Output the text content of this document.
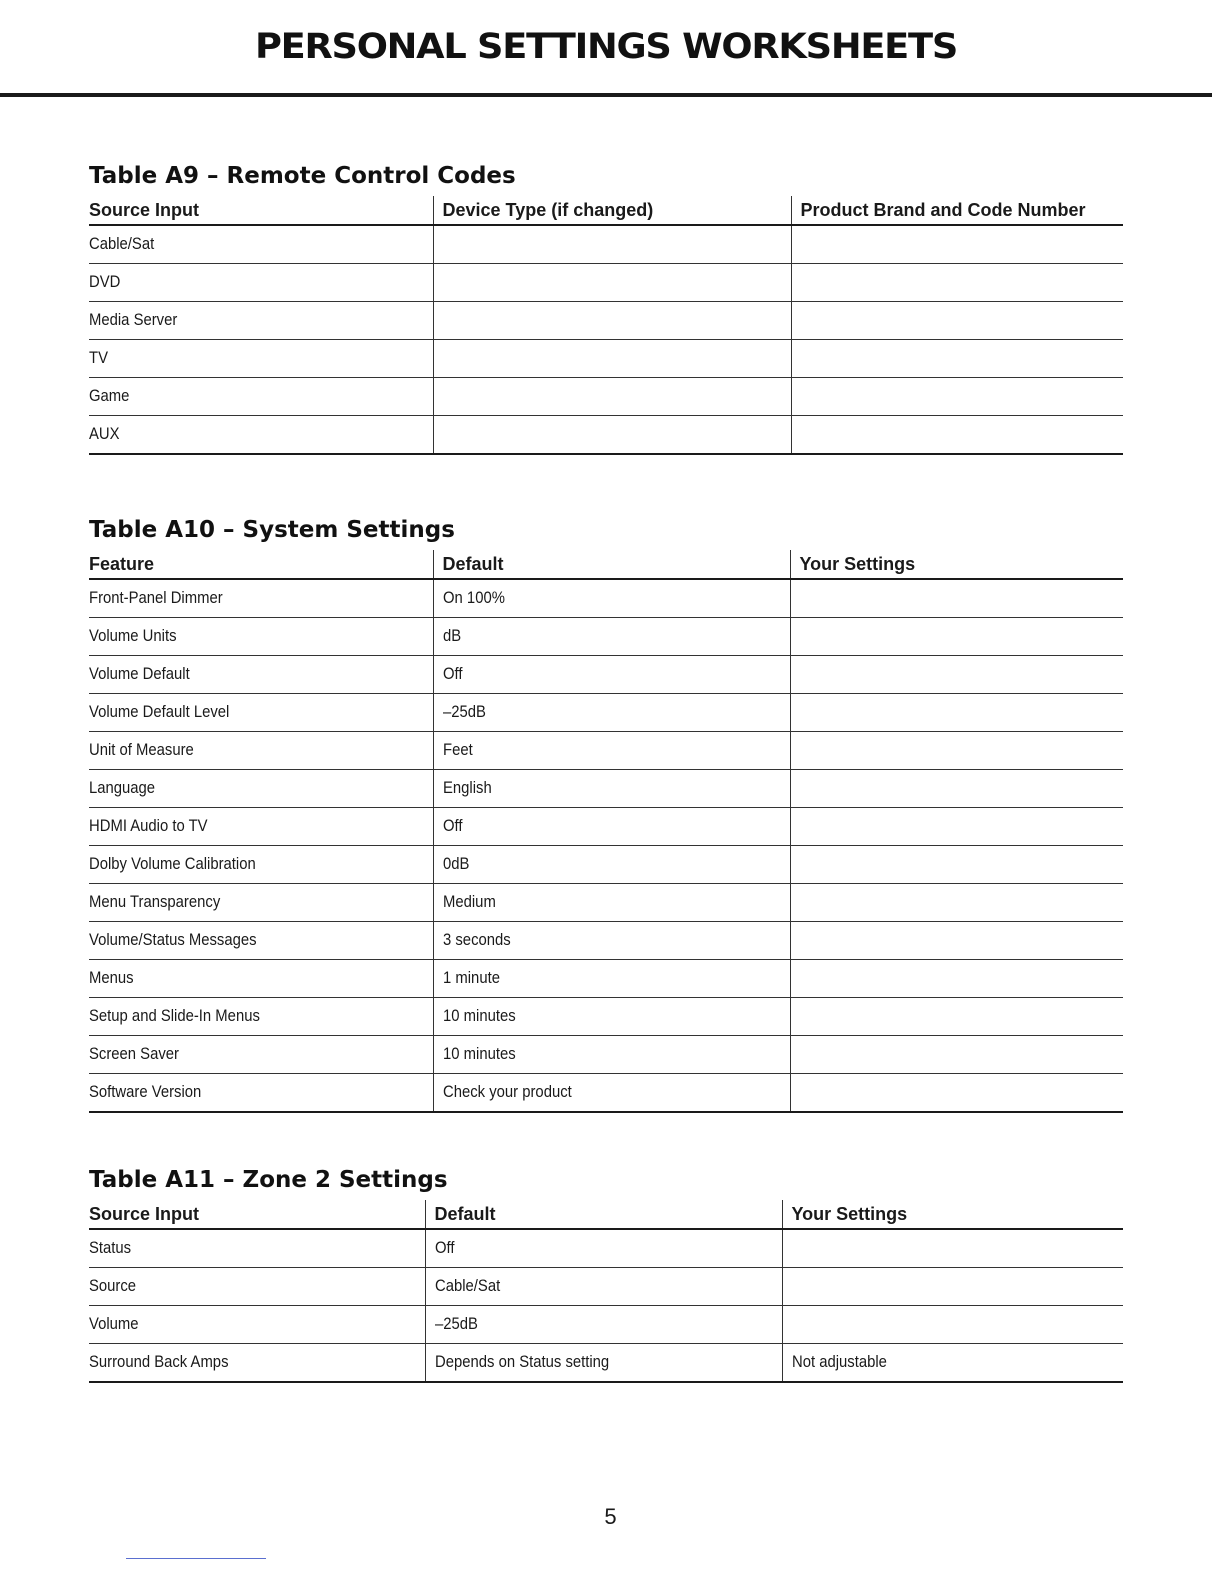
PERSONAL SETTINGS WORKSHEETS
Table A9 – Remote Control Codes
Source Input	Device Type (if changed)	Product Brand and Code Number
Cable/Sat		
DVD		
Media Server		
TV		
Game		
AUX		
Table A10 – System Settings
Feature	Default	Your Settings
Front-Panel Dimmer	On 100%	
Volume Units	dB	
Volume Default	Off	
Volume Default Level	–25dB	
Unit of Measure	Feet	
Language	English	
HDMI Audio to TV	Off	
Dolby Volume Calibration	0dB	
Menu Transparency	Medium	
Volume/Status Messages	3 seconds	
Menus	1 minute	
Setup and Slide-In Menus	10 minutes	
Screen Saver	10 minutes	
Software Version	Check your product	
Table A11 – Zone 2 Settings
Source Input	Default	Your Settings
Status	Off	
Source	Cable/Sat	
Volume	–25dB	
Surround Back Amps	Depends on Status setting	Not adjustable
5
